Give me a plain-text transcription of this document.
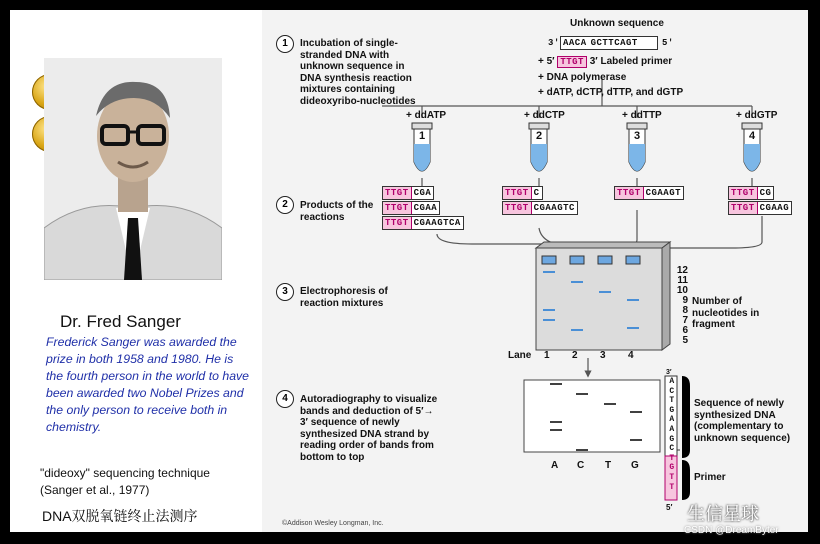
Dr. Fred Sanger
Frederick Sanger was awarded the prize in both 1958 and 1980. He is the fourth person in the world to have been awarded two Nobel Prizes and the only person to receive both in chemistry.
"dideoxy" sequencing technique
(Sanger et al., 1977)
DNA双脱氧链终止法测序
1	Incubation of single-stranded DNA with unknown sequence in DNA synthesis reaction mixtures containing dideoxyribo-nucleotides
Unknown sequence
3′ AACA GCTTCAGT	5′
+ 5′ TTGT 3′ Labeled primer
+ DNA polymerase
+ dATP, dCTP, dTTP, and dGTP
+ ddATP	+ ddCTP	+ ddTTP	+ ddGTP
1	2	3	4
2	Products of the reactions
TTGT CGA
TTGT CGAA
TTGT CGAAGTCA
TTGT C
TTGT CGAAGTC
TTGT CGAAGT	TTGT CG
TTGT CGAAG
3	Electrophoresis of reaction mixtures
12
11
10
9
8
7
6
5
Number of nucleotides in fragment
Lane 1 2 3 4
4	Autoradiography to visualize bands and deduction of 5′→ 3′ sequence of newly synthesized DNA strand by reading order of bands from bottom to top
A C T G
3′
A
C
T
G
A
A
G
C
T
G
T
T
5′
Sequence of newly synthesized DNA (complementary to unknown sequence)
Primer
©Addison Wesley Longman, Inc.	生信星球
CSDN @DreamByter
